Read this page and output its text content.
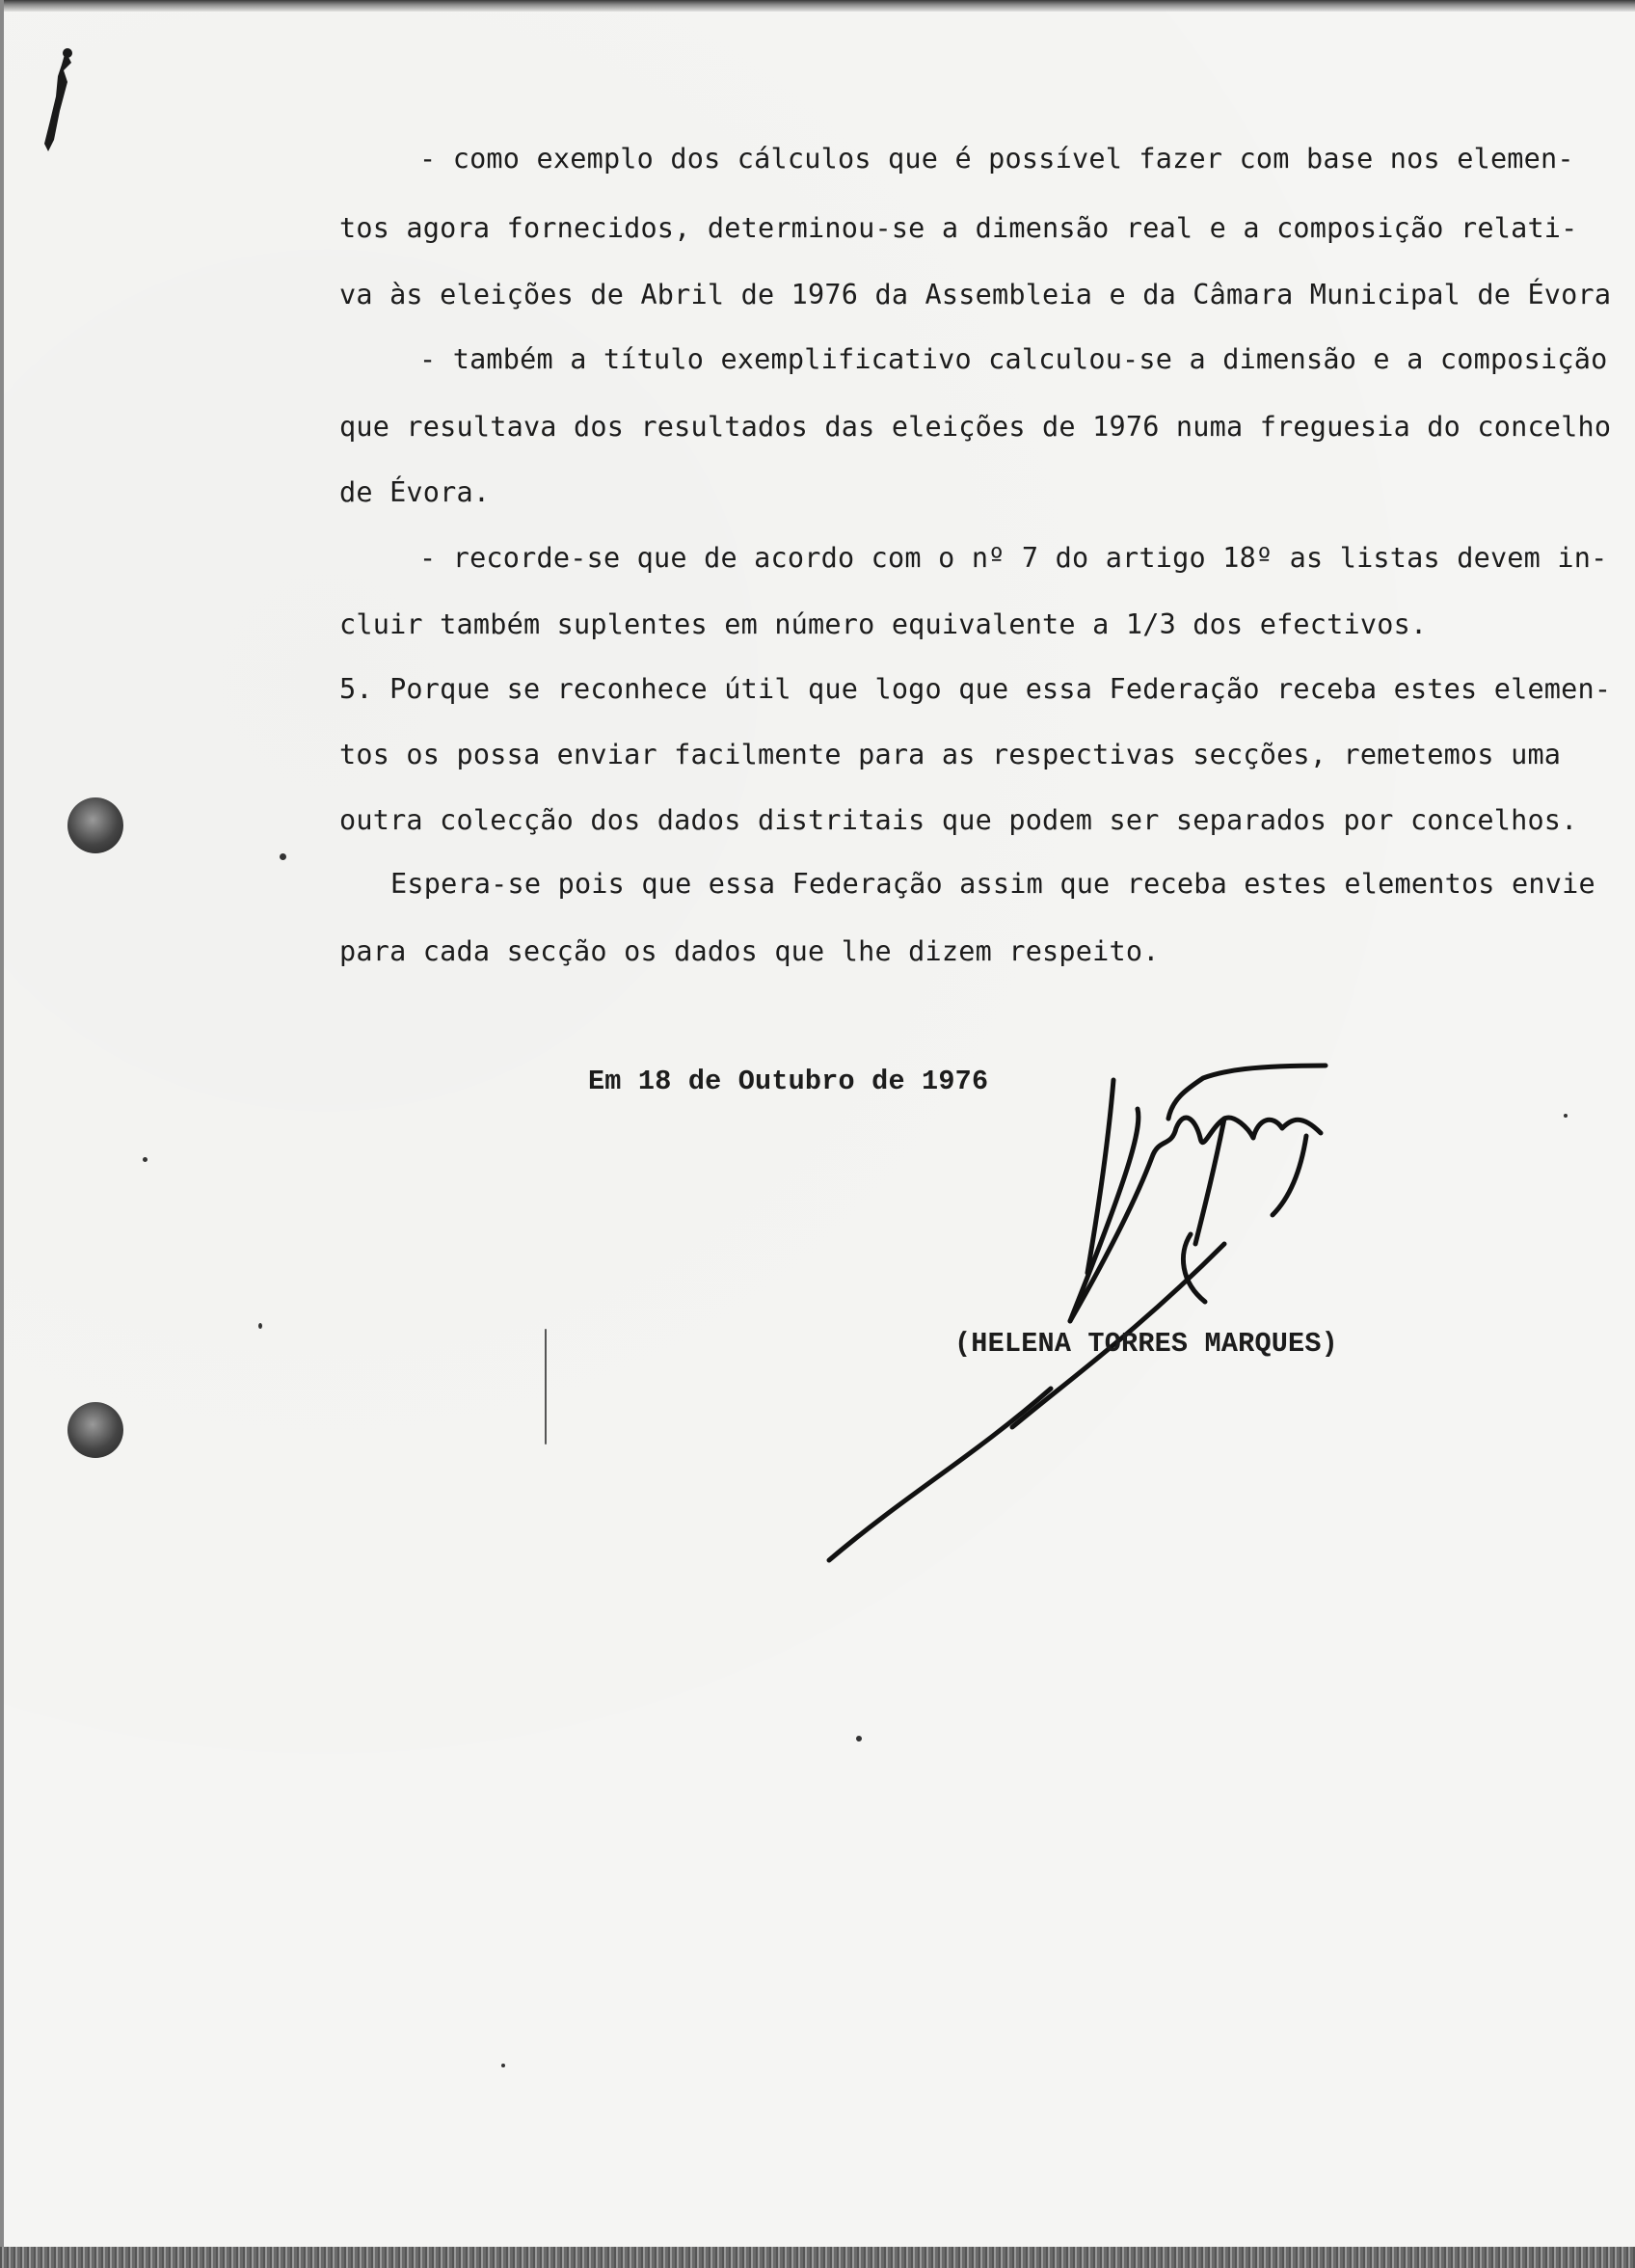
- como exemplo dos cálculos que é possível fazer com base nos elemen-
tos agora fornecidos, determinou-se a dimensão real e a composição relati-
va às eleições de Abril de 1976 da Assembleia e da Câmara Municipal de Évora
- também a título exemplificativo calculou-se a dimensão e a composição
que resultava dos resultados das eleições de 1976 numa freguesia do concelho
de Évora.
- recorde-se que de acordo com o nº 7 do artigo 18º as listas devem in-
cluir também suplentes em número equivalente a 1/3 dos efectivos.
5. Porque se reconhece útil que logo que essa Federação receba estes elemen-
tos os possa enviar facilmente para as respectivas secções, remetemos uma
outra colecção dos dados distritais que podem ser separados por concelhos.
Espera-se pois que essa Federação assim que receba estes elementos envie
para cada secção os dados que lhe dizem respeito.
Em 18 de Outubro de 1976
(HELENA TORRES MARQUES)
